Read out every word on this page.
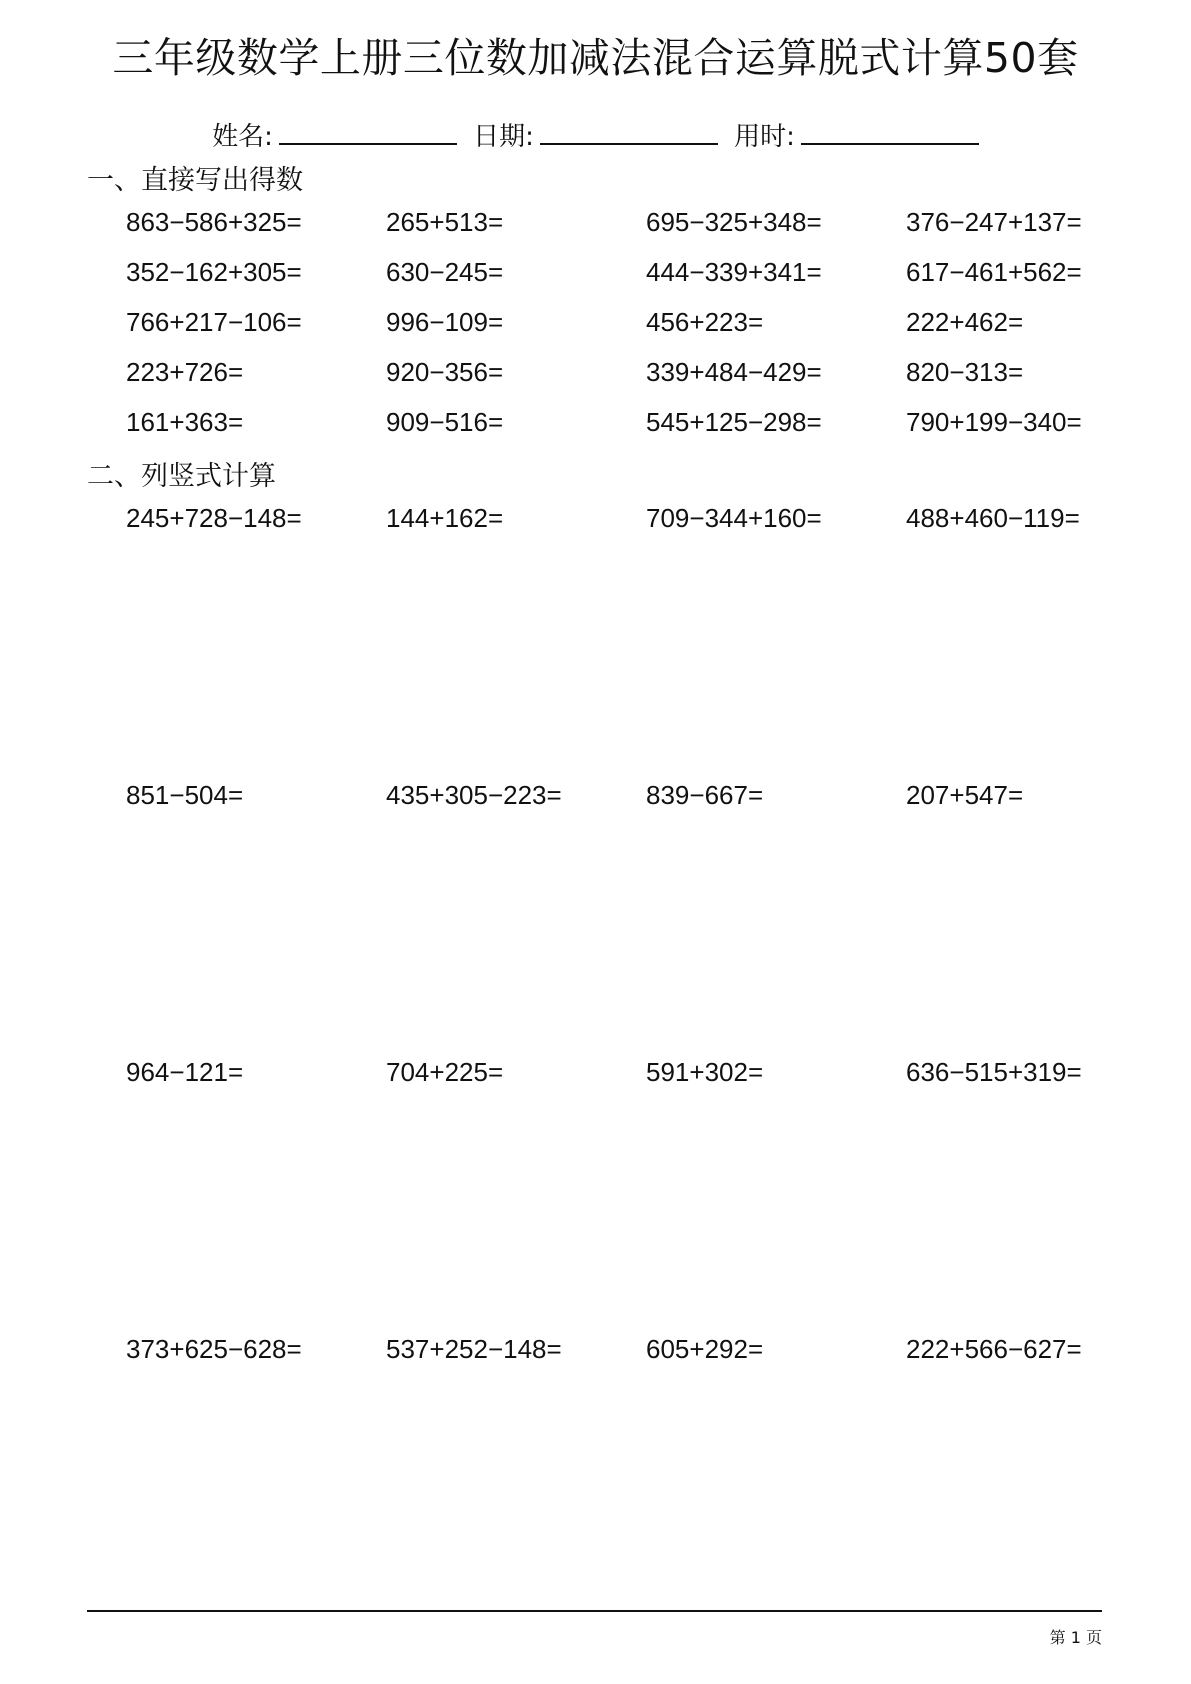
三年级数学上册三位数加减法混合运算脱式计算50套
姓名:	日期:	用时:
一、直接写出得数
863−586+325=	265+513=	695−325+348=	376−247+137=
352−162+305=	630−245=	444−339+341=	617−461+562=
766+217−106=	996−109=	456+223=	222+462=
223+726=	920−356=	339+484−429=	820−313=
161+363=	909−516=	545+125−298=	790+199−340=
二、列竖式计算
245+728−148=	144+162=	709−344+160=	488+460−119=
851−504=	435+305−223=	839−667=	207+547=
964−121=	704+225=	591+302=	636−515+319=
373+625−628=	537+252−148=	605+292=	222+566−627=
第 1 页
